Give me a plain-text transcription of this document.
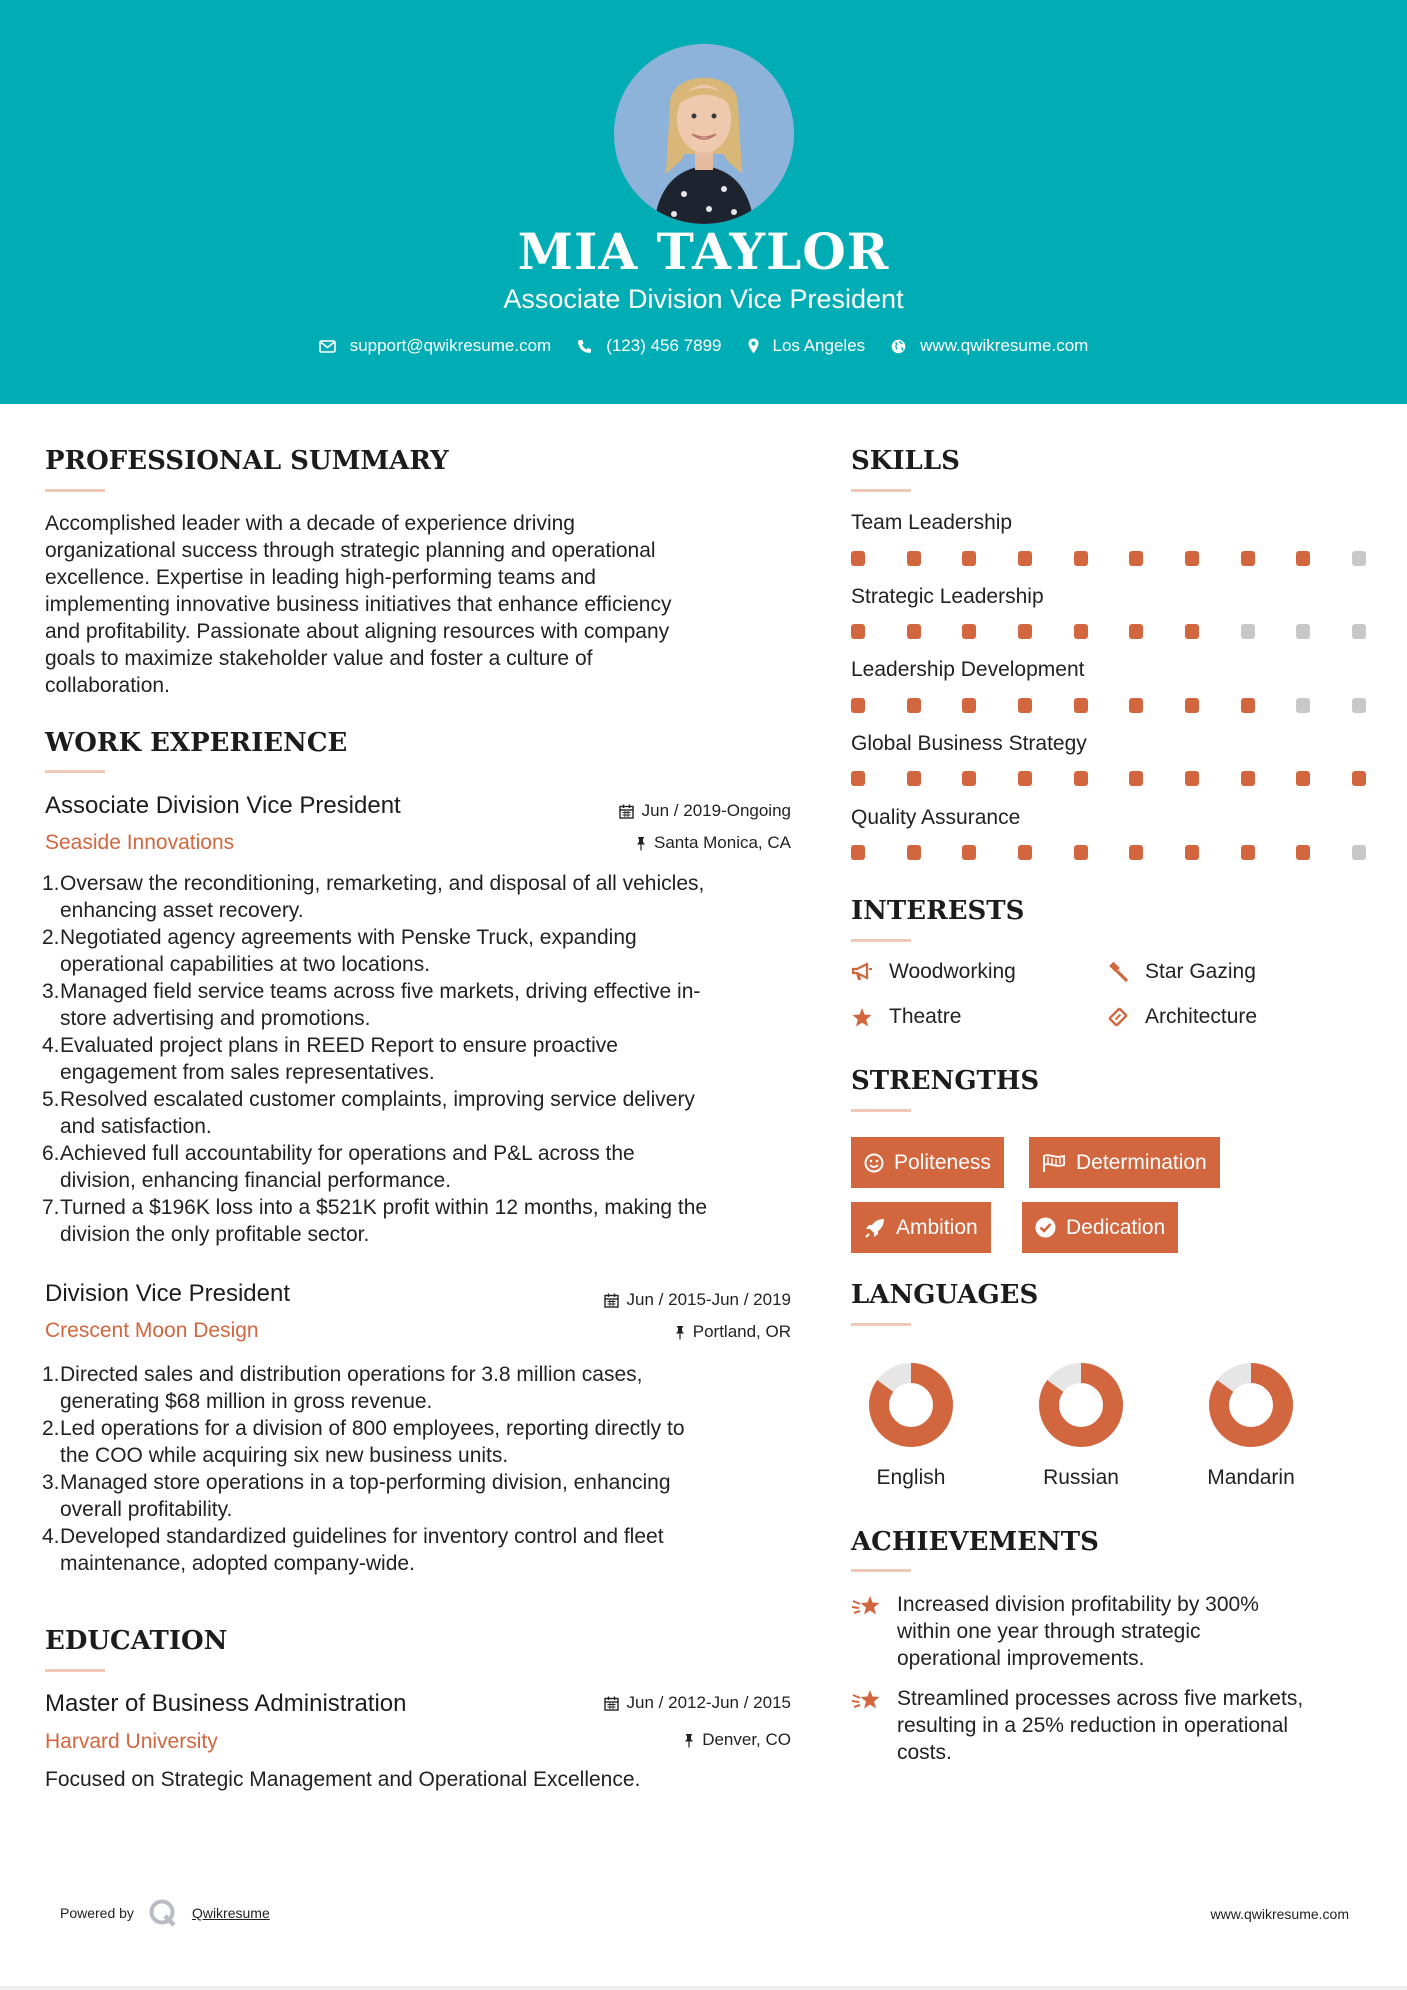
MIA TAYLOR
Associate Division Vice President
support@qwikresume.com	(123) 456 7899	Los Angeles	www.qwikresume.com
PROFESSIONAL SUMMARY
Accomplished leader with a decade of experience driving
organizational success through strategic planning and operational
excellence. Expertise in leading high-performing teams and
implementing innovative business initiatives that enhance efficiency
and profitability. Passionate about aligning resources with company
goals to maximize stakeholder value and foster a culture of
collaboration.
WORK EXPERIENCE
Associate Division Vice President	Jun / 2019-Ongoing
Seaside Innovations	Santa Monica, CA
1. Oversaw the reconditioning, remarketing, and disposal of all vehicles,
enhancing asset recovery.
2. Negotiated agency agreements with Penske Truck, expanding
operational capabilities at two locations.
3. Managed field service teams across five markets, driving effective in-
store advertising and promotions.
4. Evaluated project plans in REED Report to ensure proactive
engagement from sales representatives.
5. Resolved escalated customer complaints, improving service delivery
and satisfaction.
6. Achieved full accountability for operations and P&L across the
division, enhancing financial performance.
7. Turned a $196K loss into a $521K profit within 12 months, making the
division the only profitable sector.
Division Vice President	Jun / 2015-Jun / 2019
Crescent Moon Design	Portland, OR
1. Directed sales and distribution operations for 3.8 million cases,
generating $68 million in gross revenue.
2. Led operations for a division of 800 employees, reporting directly to
the COO while acquiring six new business units.
3. Managed store operations in a top-performing division, enhancing
overall profitability.
4. Developed standardized guidelines for inventory control and fleet
maintenance, adopted company-wide.
EDUCATION
Master of Business Administration	Jun / 2012-Jun / 2015
Harvard University	Denver, CO
Focused on Strategic Management and Operational Excellence.
SKILLS
Team Leadership
Strategic Leadership
Leadership Development
Global Business Strategy
Quality Assurance
INTERESTS
Woodworking	Star Gazing
Theatre	Architecture
STRENGTHS
Politeness	Determination
Ambition	Dedication
LANGUAGES
English	Russian	Mandarin
ACHIEVEMENTS
Increased division profitability by 300%
within one year through strategic
operational improvements.
Streamlined processes across five markets,
resulting in a 25% reduction in operational
costs.
Powered by	Qwikresume	www.qwikresume.com
